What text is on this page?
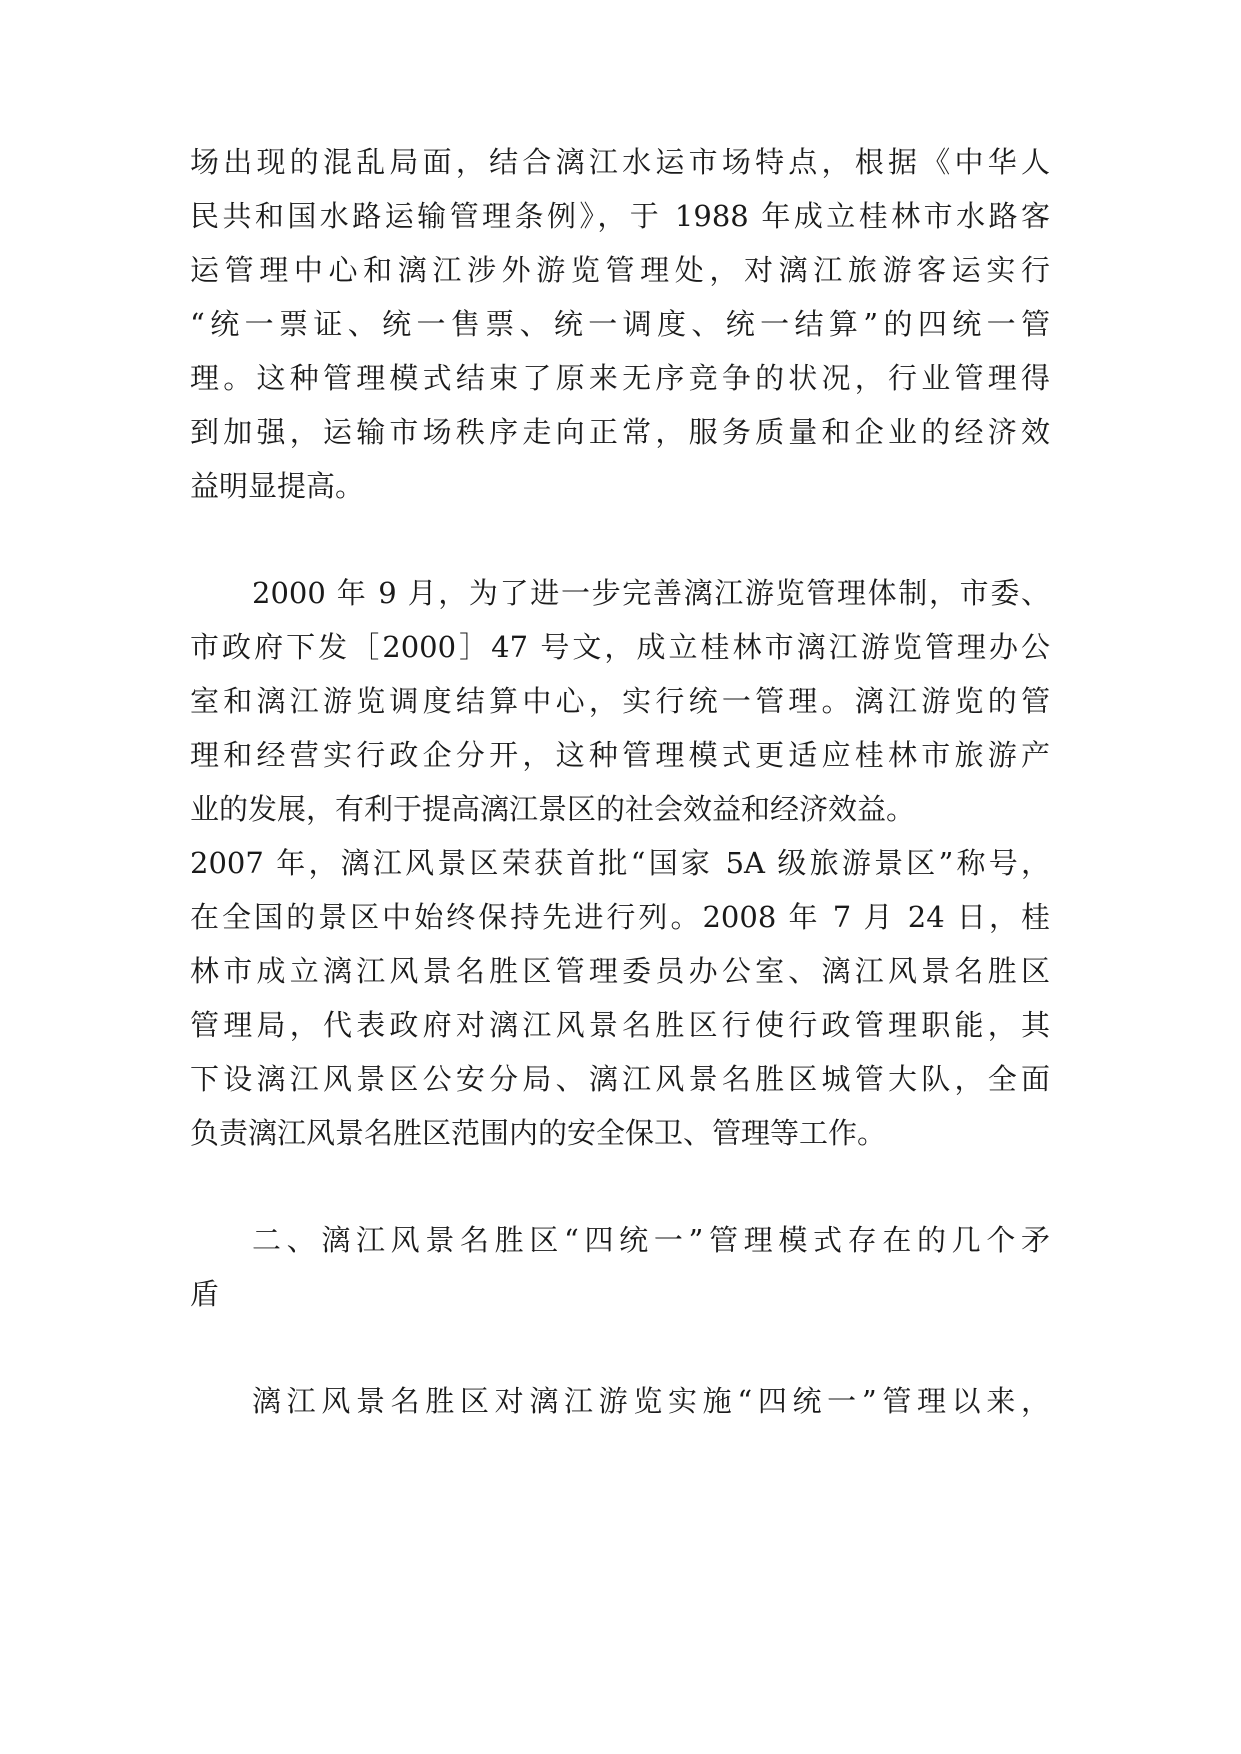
场出现的混乱局面，结合漓江水运市场特点，根据《中华人
民共和国水路运输管理条例》，于 1988 年成立桂林市水路客
运管理中心和漓江涉外游览管理处，对漓江旅游客运实行
“统一票证、统一售票、统一调度、统一结算”的四统一管
理。这种管理模式结束了原来无序竞争的状况，行业管理得
到加强，运输市场秩序走向正常，服务质量和企业的经济效
益明显提高。
2000 年 9 月，为了进一步完善漓江游览管理体制，市委、
市政府下发［2000］47 号文，成立桂林市漓江游览管理办公
室和漓江游览调度结算中心，实行统一管理。漓江游览的管
理和经营实行政企分开，这种管理模式更适应桂林市旅游产
业的发展，有利于提高漓江景区的社会效益和经济效益。
2007 年，漓江风景区荣获首批“国家 5A 级旅游景区”称号，
在全国的景区中始终保持先进行列。2008 年 7 月 24 日，桂
林市成立漓江风景名胜区管理委员办公室、漓江风景名胜区
管理局，代表政府对漓江风景名胜区行使行政管理职能，其
下设漓江风景区公安分局、漓江风景名胜区城管大队，全面
负责漓江风景名胜区范围内的安全保卫、管理等工作。
二、漓江风景名胜区“四统一”管理模式存在的几个矛
盾
漓江风景名胜区对漓江游览实施“四统一”管理以来，
